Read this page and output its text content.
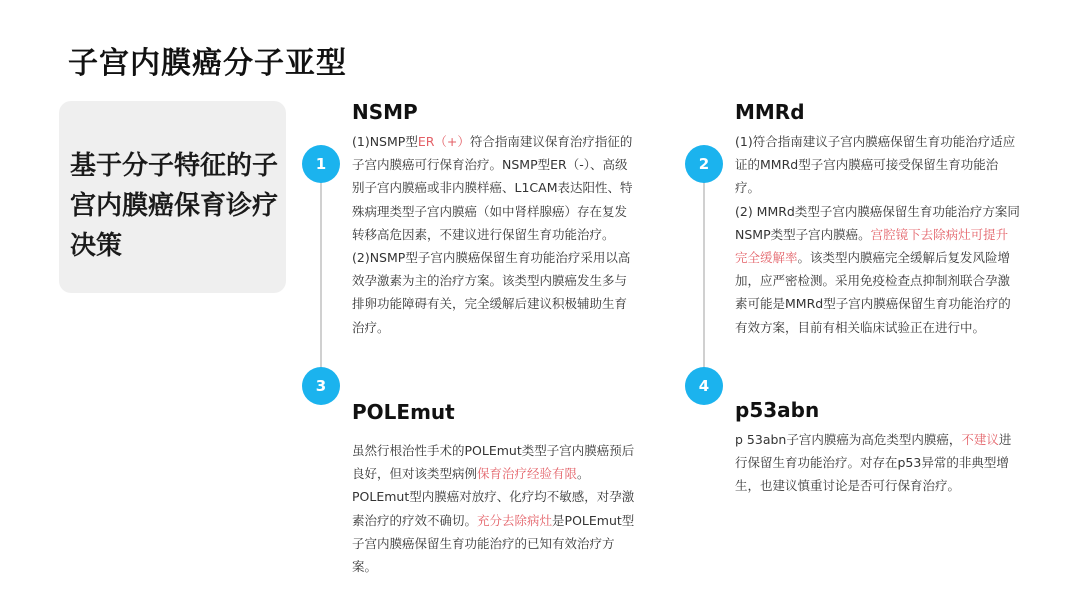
子宫内膜癌分子亚型
基于分子特征的子宫内膜癌保育诊疗决策
1	2
3	4
NSMP	MMRd
POLEmut	p53abn

(1)NSMP型ER（+）符合指南建议保育治疗指征的子宫内膜癌可行保育治疗。NSMP型ER（-）、高级别子宫内膜癌或非内膜样癌、L1CAM表达阳性、特殊病理类型子宫内膜癌（如中肾样腺癌）存在复发转移高危因素，不建议进行保留生育功能治疗。

(2)NSMP型子宫内膜癌保留生育功能治疗采用以高效孕激素为主的治疗方案。该类型内膜癌发生多与排卵功能障碍有关，完全缓解后建议积极辅助生育治疗。

(1)符合指南建议子宫内膜癌保留生育功能治疗适应证的MMRd型子宫内膜癌可接受保留生育功能治疗。

(2) MMRd类型子宫内膜癌保留生育功能治疗方案同NSMP类型子宫内膜癌。宫腔镜下去除病灶可提升完全缓解率。该类型内膜癌完全缓解后复发风险增加，应严密检测。采用免疫检查点抑制剂联合孕激素可能是MMRd型子宫内膜癌保留生育功能治疗的有效方案，目前有相关临床试验正在进行中。

虽然行根治性手术的POLEmut类型子宫内膜癌预后良好，但对该类型病例保育治疗经验有限。POLEmut型内膜癌对放疗、化疗均不敏感，对孕激素治疗的疗效不确切。充分去除病灶是POLEmut型子宫内膜癌保留生育功能治疗的已知有效治疗方案。

p 53abn子宫内膜癌为高危类型内膜癌，不建议进行保留生育功能治疗。对存在p53异常的非典型增生，也建议慎重讨论是否可行保育治疗。
